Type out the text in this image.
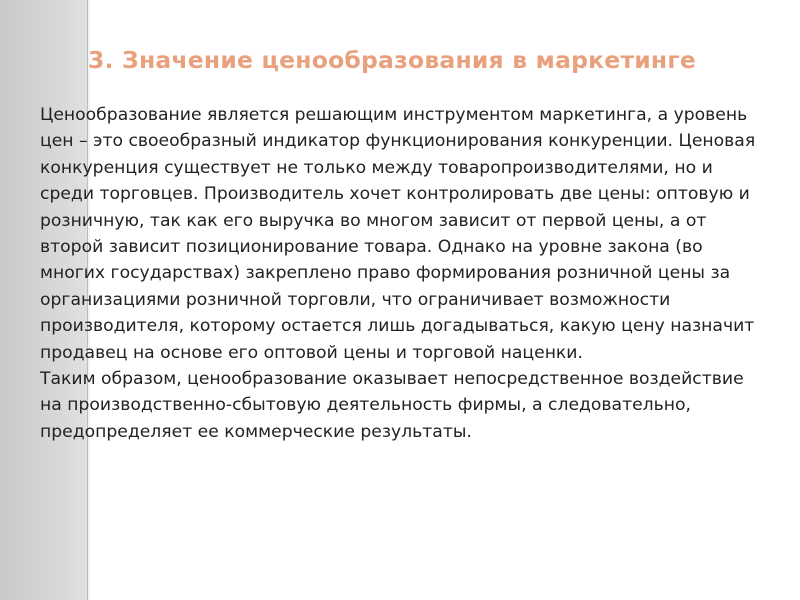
3. Значение ценообразования в маркетинге

Ценообразование является решающим инструментом маркетинга, а уровень цен – это своеобразный индикатор функционирования конкуренции. Ценовая конкуренция существует не только между товаропроизводителями, но и среди торговцев. Производитель хочет контролировать две цены: оптовую и розничную, так как его выручка во многом зависит от первой цены, а от второй зависит позиционирование товара. Однако на уровне закона (во многих государствах) закреплено право формирования розничной цены за организациями розничной торговли, что ограничивает возможности производителя, которому остается лишь догадываться, какую цену назначит продавец на основе его оптовой цены и торговой наценки.

Таким образом, ценообразование оказывает непосредственное воздействие на производственно-сбытовую деятельность фирмы, а следовательно, предопределяет ее коммерческие результаты.
